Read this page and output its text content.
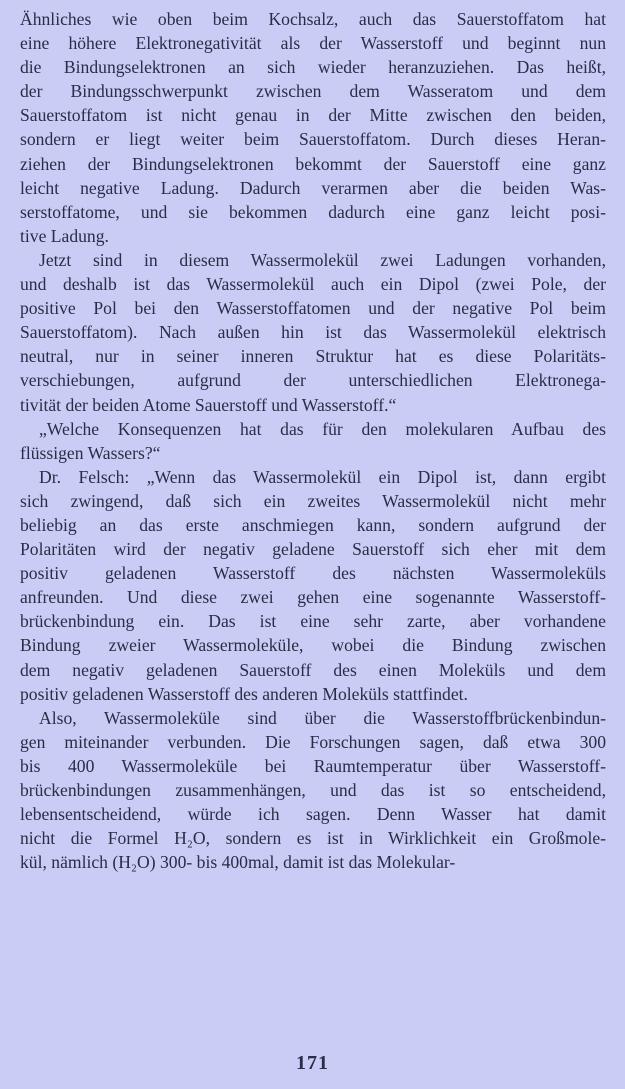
Ähnliches wie oben beim Kochsalz, auch das Sauerstoffatom hat
eine höhere Elektronegativität als der Wasserstoff und beginnt nun
die Bindungselektronen an sich wieder heranzuziehen. Das heißt,
der Bindungsschwerpunkt zwischen dem Wasseratom und dem
Sauerstoffatom ist nicht genau in der Mitte zwischen den beiden,
sondern er liegt weiter beim Sauerstoffatom. Durch dieses Heran-
ziehen der Bindungselektronen bekommt der Sauerstoff eine ganz
leicht negative Ladung. Dadurch verarmen aber die beiden Was-
serstoffatome, und sie bekommen dadurch eine ganz leicht posi-
tive Ladung.
Jetzt sind in diesem Wassermolekül zwei Ladungen vorhanden,
und deshalb ist das Wassermolekül auch ein Dipol (zwei Pole, der
positive Pol bei den Wasserstoffatomen und der negative Pol beim
Sauerstoffatom). Nach außen hin ist das Wassermolekül elektrisch
neutral, nur in seiner inneren Struktur hat es diese Polaritäts-
verschiebungen, aufgrund der unterschiedlichen Elektronega-
tivität der beiden Atome Sauerstoff und Wasserstoff.“
„Welche Konsequenzen hat das für den molekularen Aufbau des
flüssigen Wassers?“
Dr. Felsch: „Wenn das Wassermolekül ein Dipol ist, dann ergibt
sich zwingend, daß sich ein zweites Wassermolekül nicht mehr
beliebig an das erste anschmiegen kann, sondern aufgrund der
Polaritäten wird der negativ geladene Sauerstoff sich eher mit dem
positiv geladenen Wasserstoff des nächsten Wassermoleküls
anfreunden. Und diese zwei gehen eine sogenannte Wasserstoff-
brückenbindung ein. Das ist eine sehr zarte, aber vorhandene
Bindung zweier Wassermoleküle, wobei die Bindung zwischen
dem negativ geladenen Sauerstoff des einen Moleküls und dem
positiv geladenen Wasserstoff des anderen Moleküls stattfindet.
Also, Wassermoleküle sind über die Wasserstoffbrückenbindun-
gen miteinander verbunden. Die Forschungen sagen, daß etwa 300
bis 400 Wassermoleküle bei Raumtemperatur über Wasserstoff-
brückenbindungen zusammenhängen, und das ist so entscheidend,
lebensentscheidend, würde ich sagen. Denn Wasser hat damit
nicht die Formel H₂O, sondern es ist in Wirklichkeit ein Großmole-
kül, nämlich (H₂O) 300- bis 400mal, damit ist das Molekular-
171
